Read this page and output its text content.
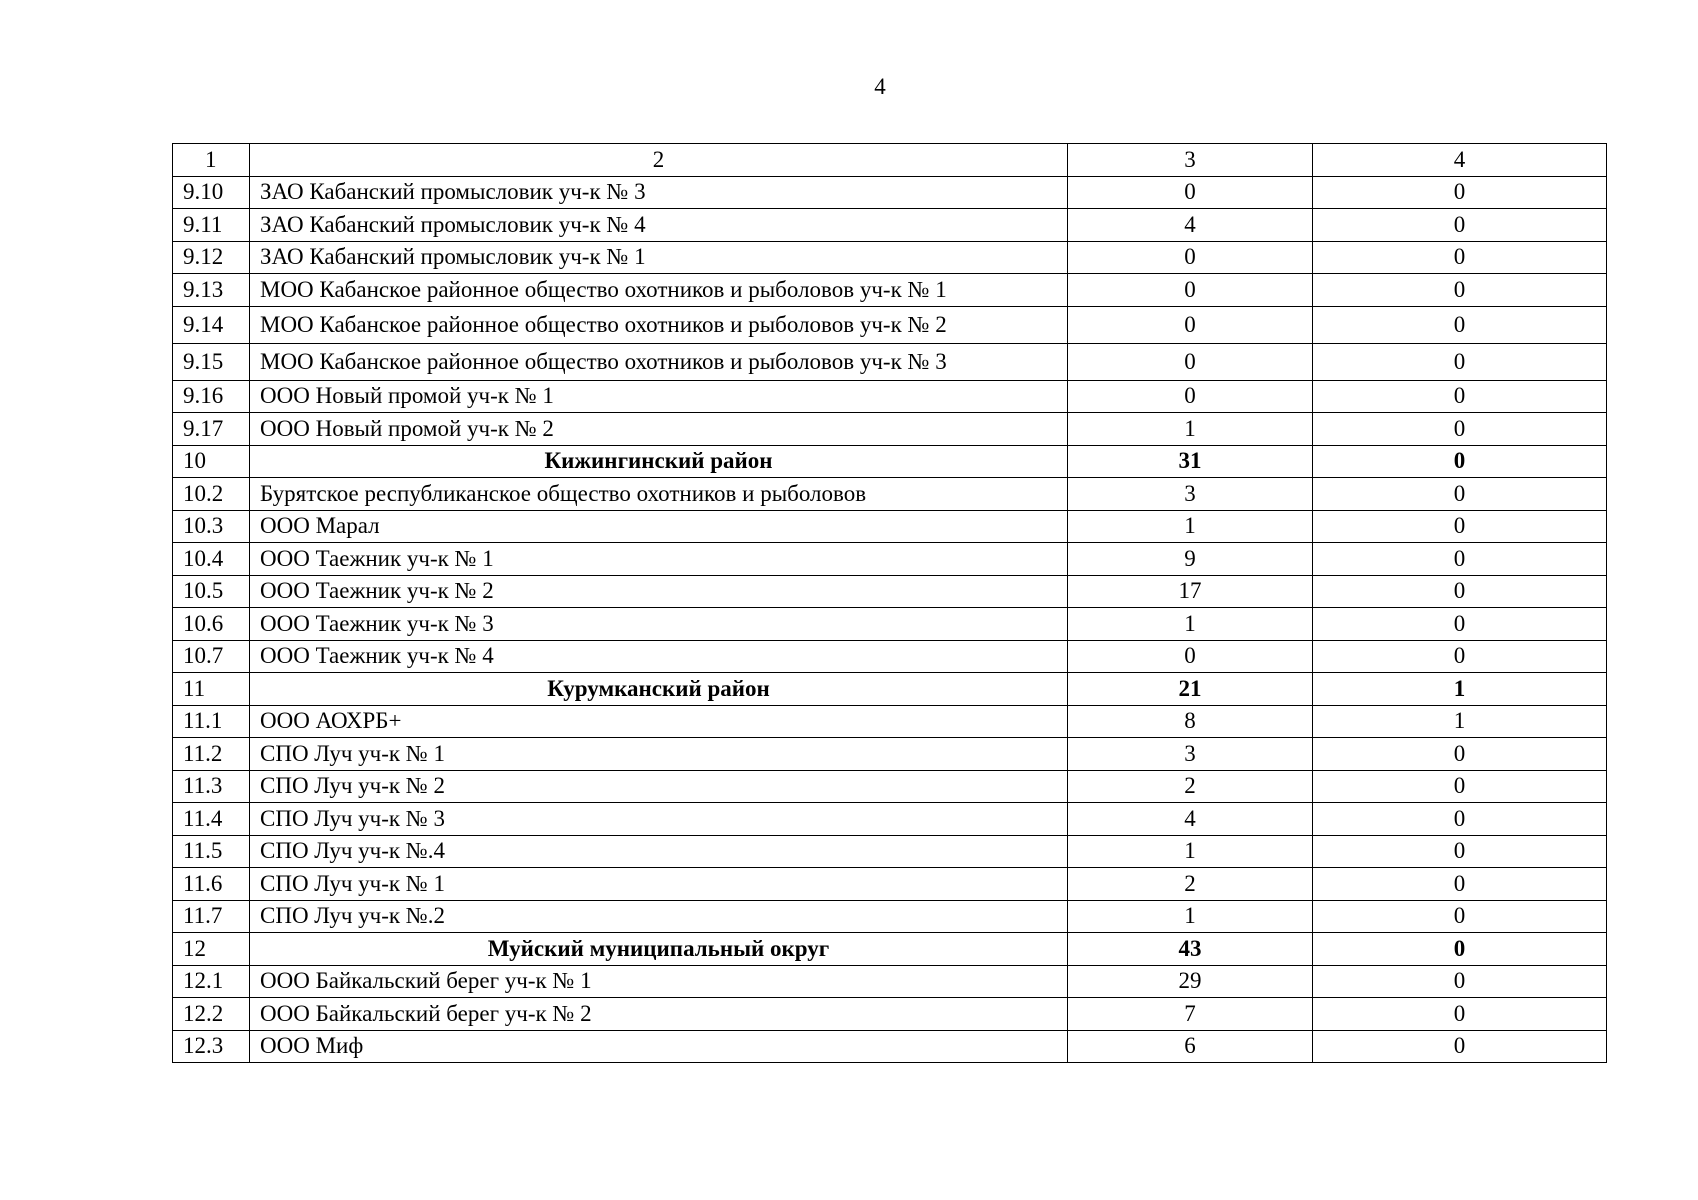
4
1	2	3	4
9.10	ЗАО Кабанский промысловик уч-к № 3	0	0
9.11	ЗАО Кабанский промысловик уч-к № 4	4	0
9.12	ЗАО Кабанский промысловик уч-к № 1	0	0
9.13	МОО Кабанское районное общество охотников и рыболовов уч-к № 1	0	0
9.14	МОО Кабанское районное общество охотников и рыболовов уч-к № 2	0	0
9.15	МОО Кабанское районное общество охотников и рыболовов уч-к № 3	0	0
9.16	ООО Новый промой уч-к № 1	0	0
9.17	ООО Новый промой уч-к № 2	1	0
10	Кижингинский район	31	0
10.2	Бурятское республиканское общество охотников и рыболовов	3	0
10.3	ООО Марал	1	0
10.4	ООО Таежник уч-к № 1	9	0
10.5	ООО Таежник уч-к № 2	17	0
10.6	ООО Таежник уч-к № 3	1	0
10.7	ООО Таежник уч-к № 4	0	0
11	Курумканский район	21	1
11.1	ООО АОХРБ+	8	1
11.2	СПО Луч уч-к № 1	3	0
11.3	СПО Луч уч-к № 2	2	0
11.4	СПО Луч уч-к № 3	4	0
11.5	СПО Луч уч-к №.4	1	0
11.6	СПО Луч уч-к № 1	2	0
11.7	СПО Луч уч-к №.2	1	0
12	Муйский муниципальный округ	43	0
12.1	ООО Байкальский берег уч-к № 1	29	0
12.2	ООО Байкальский берег уч-к № 2	7	0
12.3	ООО Миф	6	0
